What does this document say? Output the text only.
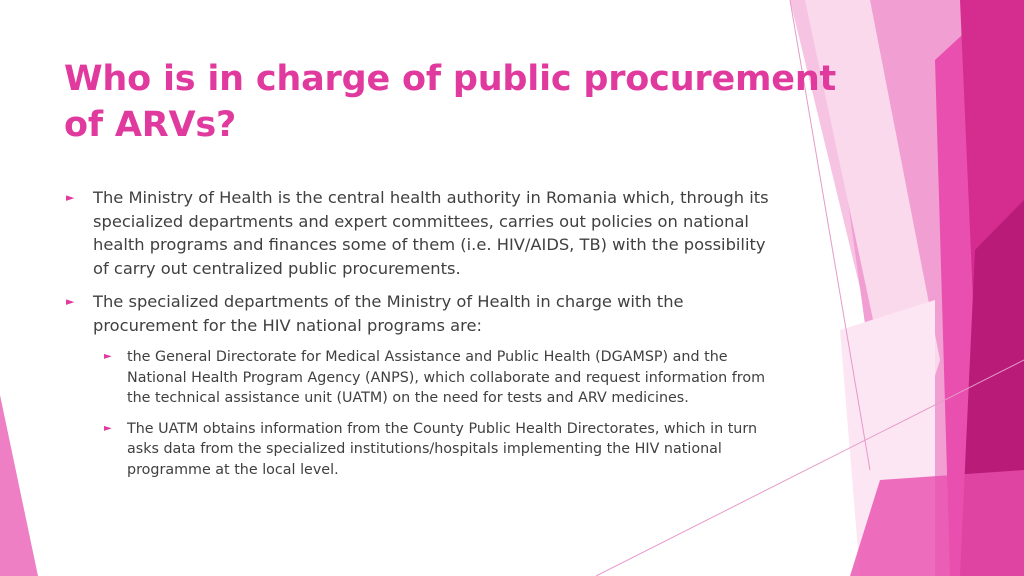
Who is in charge of public procurement of ARVs?
►	The Ministry of Health is the central health authority in Romania which, through its specialized departments and expert committees, carries out policies on national health programs and finances some of them (i.e. HIV/AIDS, TB) with the possibility of carry out centralized public procurements.
►	The specialized departments of the Ministry of Health in charge with the procurement for the HIV national programs are:
►	the General Directorate for Medical Assistance and Public Health (DGAMSP) and the National Health Program Agency (ANPS), which collaborate and request information from the technical assistance unit (UATM) on the need for tests and ARV medicines.
►	The UATM obtains information from the County Public Health Directorates, which in turn asks data from the specialized institutions/hospitals implementing the HIV national programme at the local level.
